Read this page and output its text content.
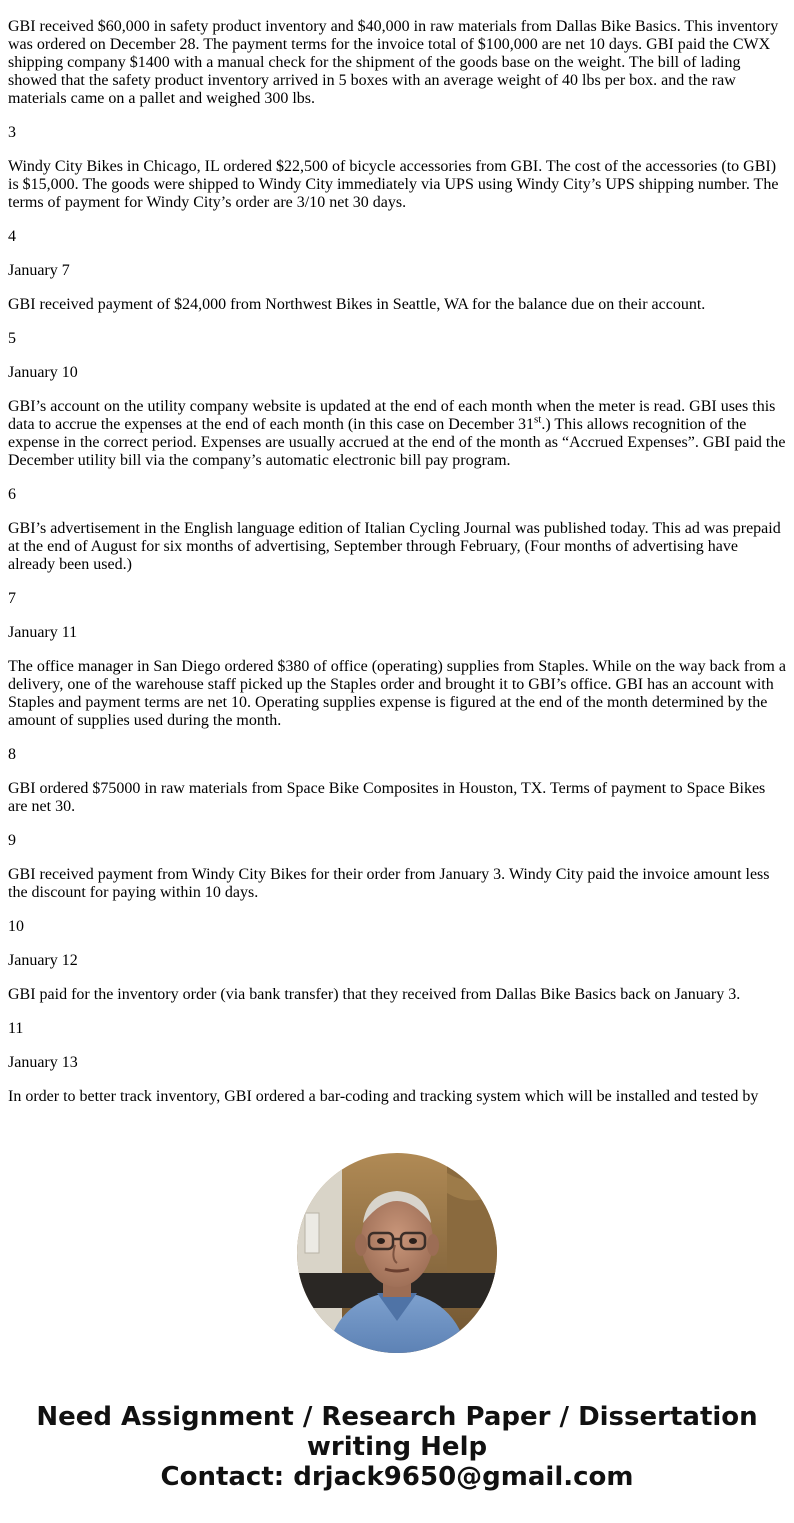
GBI received $60,000 in safety product inventory and $40,000 in raw materials from Dallas Bike Basics. This inventory was ordered on December 28. The payment terms for the invoice total of $100,000 are net 10 days. GBI paid the CWX shipping company $1400 with a manual check for the shipment of the goods base on the weight. The bill of lading showed that the safety product inventory arrived in 5 boxes with an average weight of 40 lbs per box. and the raw materials came on a pallet and weighed 300 lbs.

3

Windy City Bikes in Chicago, IL ordered $22,500 of bicycle accessories from GBI. The cost of the accessories (to GBI) is $15,000. The goods were shipped to Windy City immediately via UPS using Windy City’s UPS shipping number. The terms of payment for Windy City’s order are 3/10 net 30 days.

4

January 7

GBI received payment of $24,000 from Northwest Bikes in Seattle, WA for the balance due on their account.

5

January 10

GBI’s account on the utility company website is updated at the end of each month when the meter is read. GBI uses this data to accrue the expenses at the end of each month (in this case on December 31st.) This allows recognition of the expense in the correct period. Expenses are usually accrued at the end of the month as “Accrued Expenses”. GBI paid the December utility bill via the company’s automatic electronic bill pay program.

6

GBI’s advertisement in the English language edition of Italian Cycling Journal was published today. This ad was prepaid at the end of August for six months of advertising, September through February, (Four months of advertising have already been used.)

7

January 11

The office manager in San Diego ordered $380 of office (operating) supplies from Staples. While on the way back from a delivery, one of the warehouse staff picked up the Staples order and brought it to GBI’s office. GBI has an account with Staples and payment terms are net 10. Operating supplies expense is figured at the end of the month determined by the amount of supplies used during the month.

8

GBI ordered $75000 in raw materials from Space Bike Composites in Houston, TX. Terms of payment to Space Bikes are net 30.

9

GBI received payment from Windy City Bikes for their order from January 3. Windy City paid the invoice amount less the discount for paying within 10 days.

10

January 12

GBI paid for the inventory order (via bank transfer) that they received from Dallas Bike Basics back on January 3.

11

January 13

In order to better track inventory, GBI ordered a bar-coding and tracking system which will be installed and tested by

Need Assignment / Research Paper / Dissertation
writing Help
Contact: drjack9650@gmail.com
